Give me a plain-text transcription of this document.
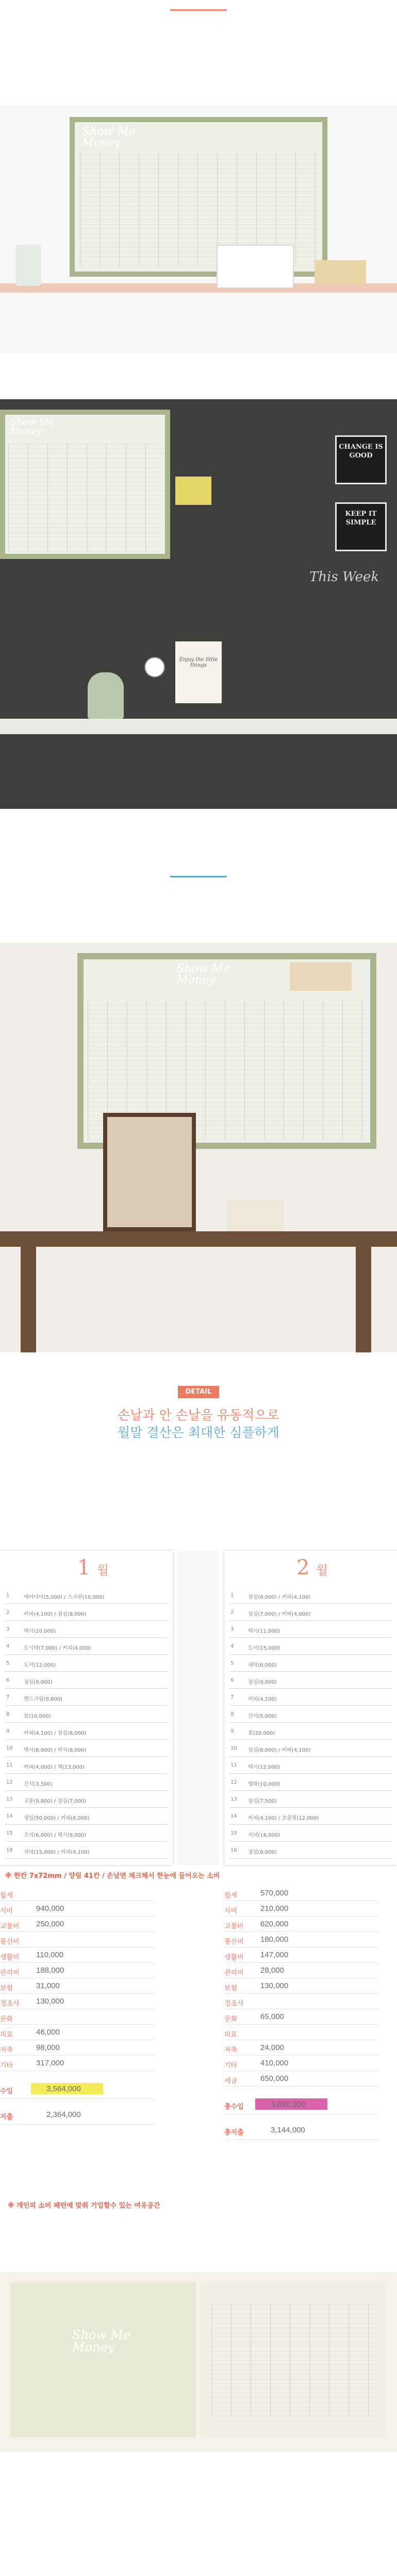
Show Me
Money
Show Me
Money
CHANGE IS GOOD
KEEP IT SIMPLE
This Week
Enjoy the little things
Show Me
Money
DETAIL
손날과 안 손날을 유동적으로
월말 결산은 최대한 심플하게
1 월
1	에어다이(5,000) / 스크린(10,000)
2	커피(4,100) / 점심(8,000)
3	택시(10,000)
4	도시락(7,000) / 커피(4,000)
5	도서(12,000)
6	점심(9,000)
7	핸드크림(9,800)
8	꽃(10,000)
9	커피(4,100) / 점심(8,000)
10	택시(8,000) / 약국(6,000)
11	커피(4,000) / 책(13,000)
12	간식(3,500)
13	교통(9,800) / 점심(7,000)
14	생일(50,000) / 커피(6,000)
15	조식(6,000) / 택시(9,000)
16	저녁(15,000) / 커피(4,100)
2 월
1	점심(8,000) / 커피(4,100)
2	점심(7,000) / 커피(4,000)
3	택시(11,000)
4	도서(15,000)
5	세탁(6,000)
6	점심(9,000)
7	커피(4,100)
8	간식(5,000)
9	꽃(20,000)
10	점심(8,000) / 커피(4,100)
11	택시(12,000)
12	영화(10,000)
13	점심(7,500)
14	커피(4,100) / 초콜릿(12,000)
15	저녁(16,000)
16	점심(8,000)
※ 한칸 7x72mm / 양림 41칸 / 손날면 체크해서 한눈에 들어오는 소비
월세
식비	940,000
교통비	250,000
통신비
생활비	110,000
관리비	188,000
보험	31,000
경조사	130,000
문화
의료	46,000
저축	98,000
기타	317,000
수입	3,564,000
지출	2,364,000
월세	570,000
식비	210,000
교통비	620,000
통신비	180,000
생활비	147,000
관리비	28,000
보험	130,000
경조사
문화	65,000
의료
저축	24,000
기타	410,000
세금	650,000
총수입	3,692,000
총지출	3,144,000
※ 개인의 소비 패턴에 맞춰 기입할수 있는 여유공간
Show Me
Money
